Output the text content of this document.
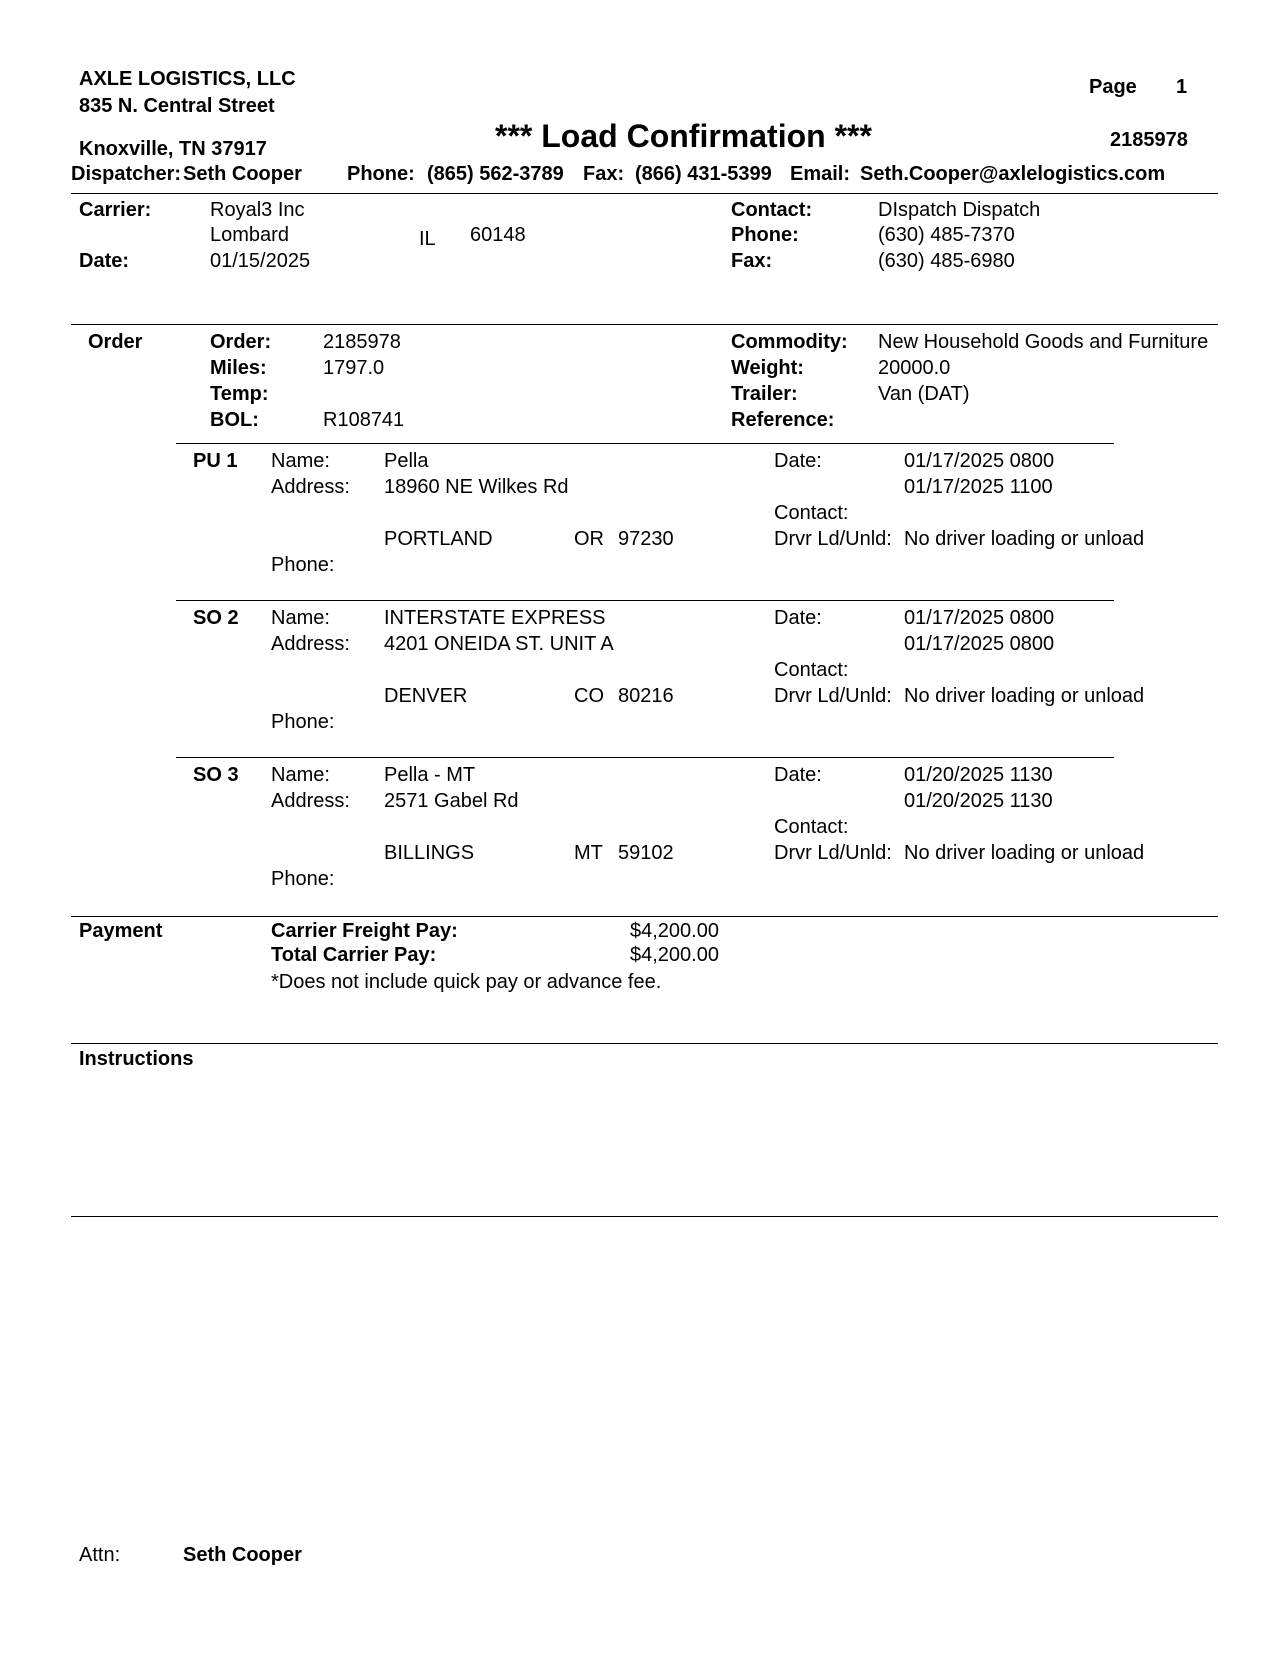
AXLE LOGISTICS, LLC
835 N. Central Street
Knoxville, TN 37917
Dispatcher: Seth Cooper
Page 1
*** Load Confirmation ***	2185978
Phone: (865) 562-3789 Fax: (866) 431-5399 Email: Seth.Cooper@axlelogistics.com
Carrier:	Royal3 Inc
Lombard	IL 60148
Date:	01/15/2025
Contact:	DIspatch Dispatch
Phone:	(630) 485-7370
Fax:	(630) 485-6980
Order	Order:	2185978
Miles:	1797.0
Temp:
BOL:	R108741
Commodity: New Household Goods and Furniture
Weight:	20000.0
Trailer:	Van (DAT)
Reference:
PU 1 Name:	Pella
Address: 18960 NE Wilkes Rd
PORTLAND	OR 97230
Phone:
Date:	01/17/2025 0800
01/17/2025 1100
Contact:
Drvr Ld/Unld: No driver loading or unload
SO 2 Name:	INTERSTATE EXPRESS
Address: 4201 ONEIDA ST. UNIT A
DENVER	CO 80216
Phone:
Date:	01/17/2025 0800
01/17/2025 0800
Contact:
Drvr Ld/Unld: No driver loading or unload
SO 3 Name:	Pella - MT
Address: 2571 Gabel Rd
BILLINGS	MT 59102
Phone:
Date:	01/20/2025 1130
01/20/2025 1130
Contact:
Drvr Ld/Unld: No driver loading or unload
Payment	Carrier Freight Pay:	$4,200.00
Total Carrier Pay:	$4,200.00
*Does not include quick pay or advance fee.
Instructions
Attn:	Seth Cooper
